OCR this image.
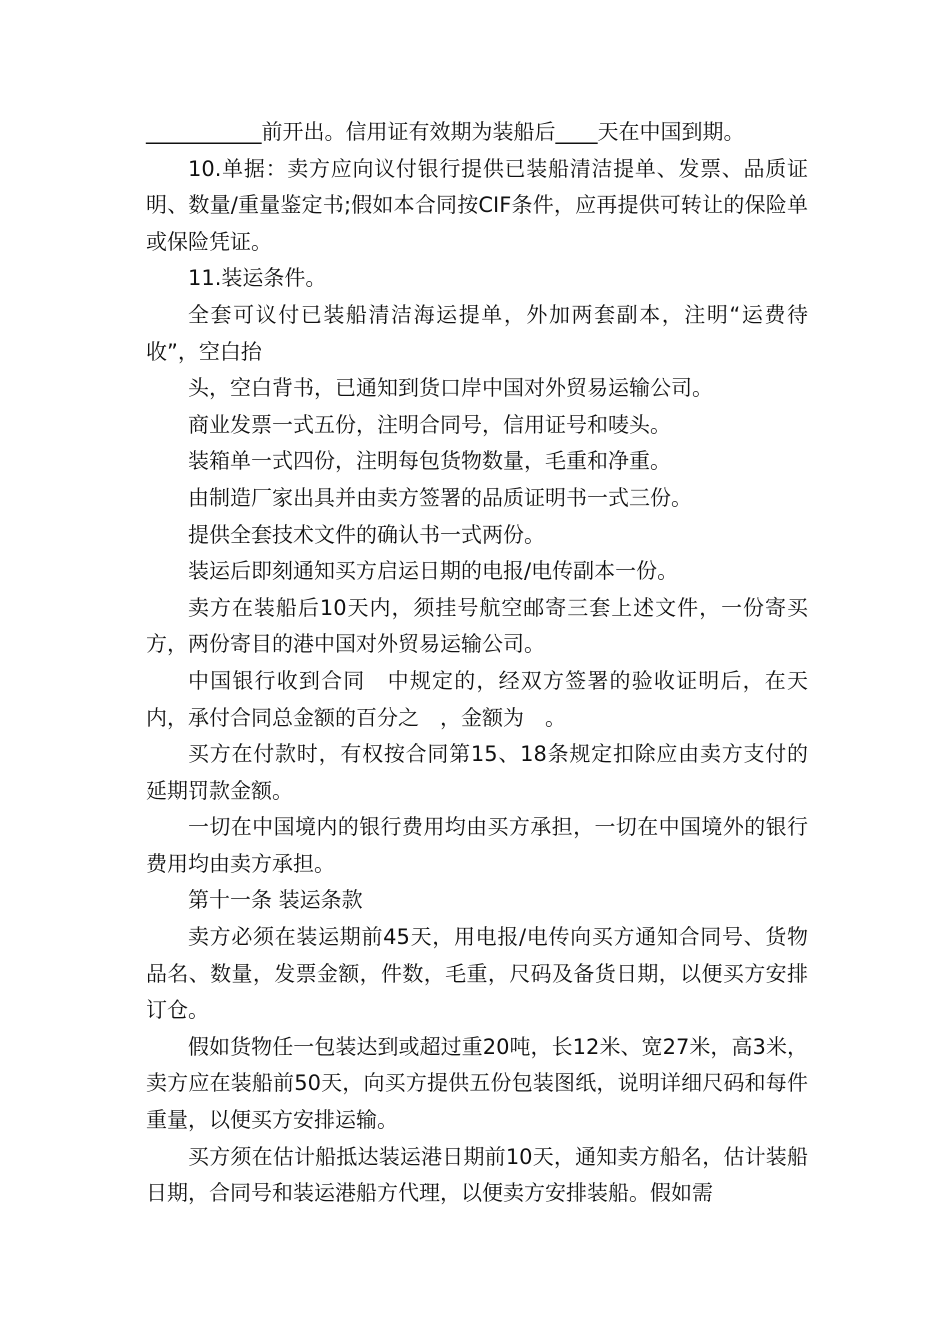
___________前开出。信用证有效期为装船后____天在中国到期。

10.单据：卖方应向议付银行提供已装船清洁提单、发票、品质证明、数量/重量鉴定书;假如本合同按CIF条件，应再提供可转让的保险单或保险凭证。

11.装运条件。

全套可议付已装船清洁海运提单，外加两套副本，注明“运费待收”，空白抬

头，空白背书，已通知到货口岸中国对外贸易运输公司。

商业发票一式五份，注明合同号，信用证号和唛头。

装箱单一式四份，注明每包货物数量，毛重和净重。

由制造厂家出具并由卖方签署的品质证明书一式三份。

提供全套技术文件的确认书一式两份。

装运后即刻通知买方启运日期的电报/电传副本一份。

卖方在装船后10天内，须挂号航空邮寄三套上述文件，一份寄买方，两份寄目的港中国对外贸易运输公司。

中国银行收到合同　中规定的，经双方签署的验收证明后，在天内，承付合同总金额的百分之　，金额为　。

买方在付款时，有权按合同第15、18条规定扣除应由卖方支付的延期罚款金额。

一切在中国境内的银行费用均由买方承担，一切在中国境外的银行费用均由卖方承担。

第十一条 装运条款

卖方必须在装运期前45天，用电报/电传向买方通知合同号、货物品名、数量，发票金额，件数，毛重，尺码及备货日期，以便买方安排订仓。

假如货物任一包装达到或超过重20吨，长12米、宽27米，高3米，卖方应在装船前50天，向买方提供五份包装图纸，说明详细尺码和每件重量，以便买方安排运输。

买方须在估计船抵达装运港日期前10天，通知卖方船名，估计装船日期，合同号和装运港船方代理，以便卖方安排装船。假如需
